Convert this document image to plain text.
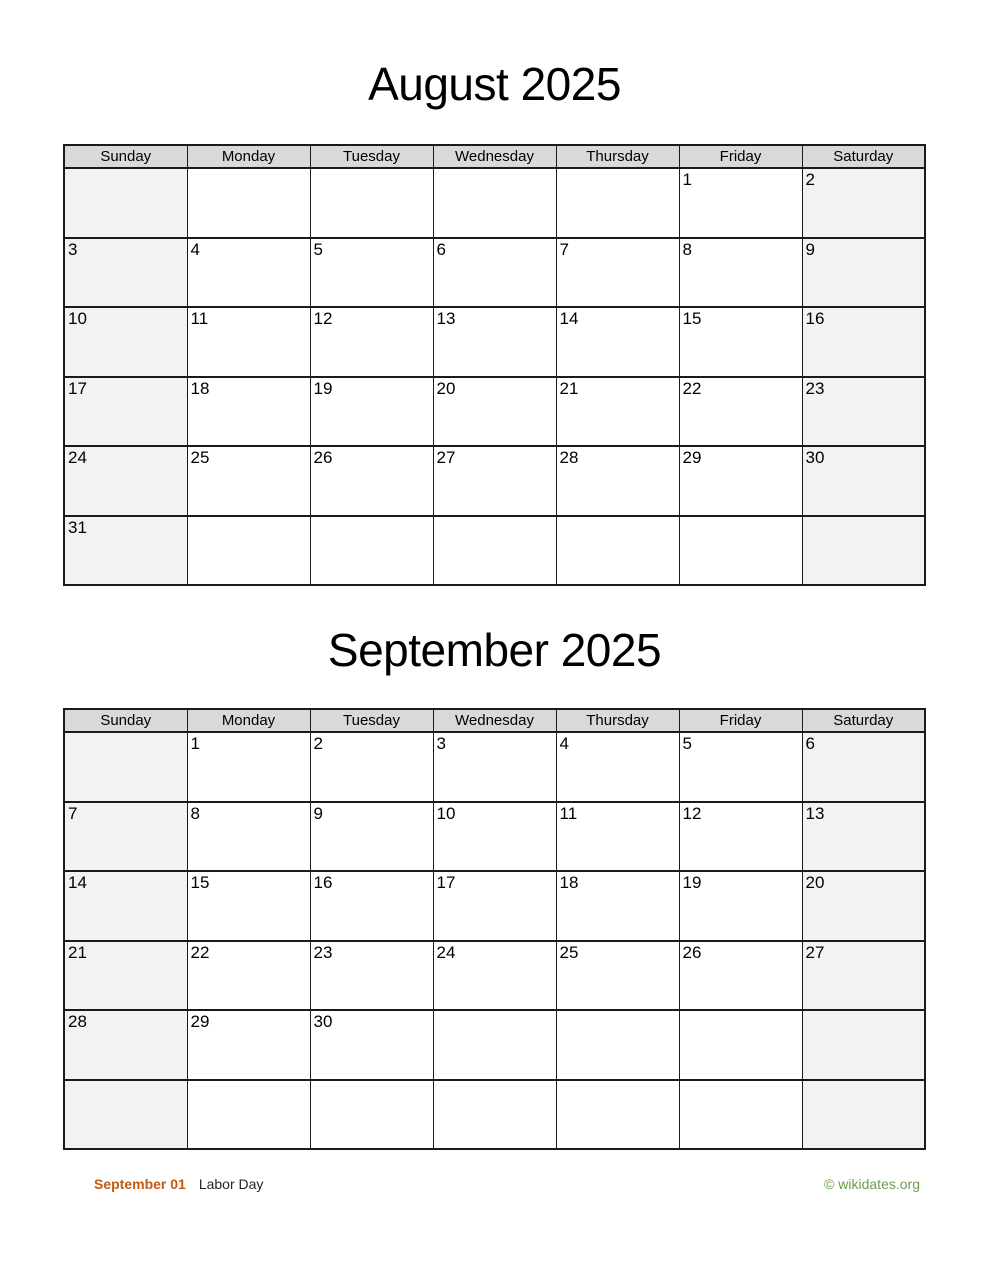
August 2025
Sunday	Monday	Tuesday	Wednesday	Thursday	Friday	Saturday
					1	2
3	4	5	6	7	8	9
10	11	12	13	14	15	16
17	18	19	20	21	22	23
24	25	26	27	28	29	30
31						
September 2025
Sunday	Monday	Tuesday	Wednesday	Thursday	Friday	Saturday
	1	2	3	4	5	6
7	8	9	10	11	12	13
14	15	16	17	18	19	20
21	22	23	24	25	26	27
28	29	30				

September 01 Labor Day	© wikidates.org
